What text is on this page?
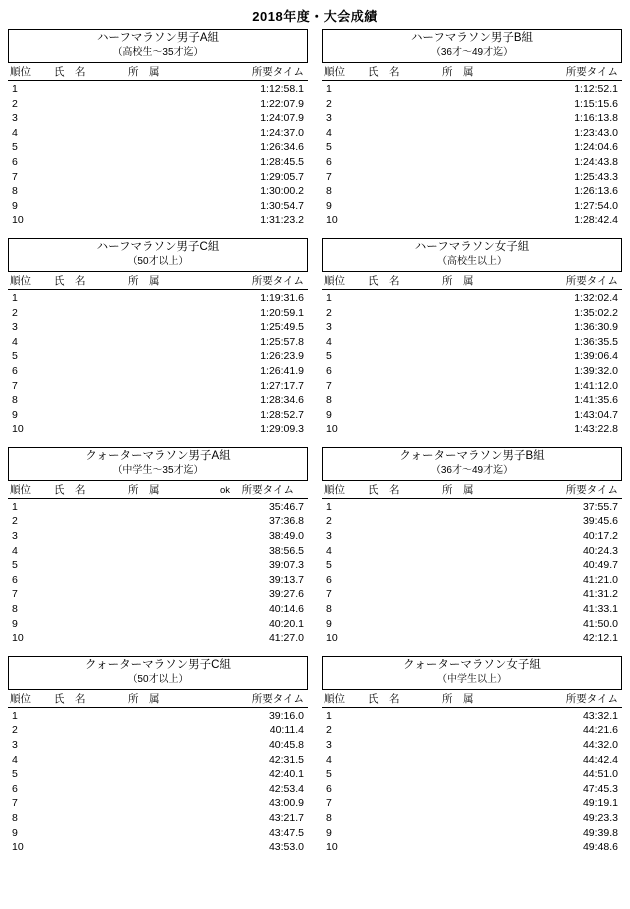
2018年度・大会成績
ハーフマラソン男子A組
（高校生〜35才迄）
順位	氏　名	所　属	所要タイム
1	1:12:58.1
2	1:22:07.9
3	1:24:07.9
4	1:24:37.0
5	1:26:34.6
6	1:28:45.5
7	1:29:05.7
8	1:30:00.2
9	1:30:54.7
10	1:31:23.2
ハーフマラソン男子B組
（36才〜49才迄）
順位	氏　名	所　属	所要タイム
1	1:12:52.1
2	1:15:15.6
3	1:16:13.8
4	1:23:43.0
5	1:24:04.6
6	1:24:43.8
7	1:25:43.3
8	1:26:13.6
9	1:27:54.0
10	1:28:42.4
ハーフマラソン男子C組
（50才以上）
順位	氏　名	所　属	所要タイム
1	1:19:31.6
2	1:20:59.1
3	1:25:49.5
4	1:25:57.8
5	1:26:23.9
6	1:26:41.9
7	1:27:17.7
8	1:28:34.6
9	1:28:52.7
10	1:29:09.3
ハーフマラソン女子組
（高校生以上）
順位	氏　名	所　属	所要タイム
1	1:32:02.4
2	1:35:02.2
3	1:36:30.9
4	1:36:35.5
5	1:39:06.4
6	1:39:32.0
7	1:41:12.0
8	1:41:35.6
9	1:43:04.7
10	1:43:22.8
クォーターマラソン男子A組
（中学生〜35才迄）
順位	氏　名	所　属	所要タイム
ok
1	35:46.7
2	37:36.8
3	38:49.0
4	38:56.5
5	39:07.3
6	39:13.7
7	39:27.6
8	40:14.6
9	40:20.1
10	41:27.0
クォーターマラソン男子B組
（36才〜49才迄）
順位	氏　名	所　属	所要タイム
1	37:55.7
2	39:45.6
3	40:17.2
4	40:24.3
5	40:49.7
6	41:21.0
7	41:31.2
8	41:33.1
9	41:50.0
10	42:12.1
クォーターマラソン男子C組
（50才以上）
順位	氏　名	所　属	所要タイム
1	39:16.0
2	40:11.4
3	40:45.8
4	42:31.5
5	42:40.1
6	42:53.4
7	43:00.9
8	43:21.7
9	43:47.5
10	43:53.0
クォーターマラソン女子組
（中学生以上）
順位	氏　名	所　属	所要タイム
1	43:32.1
2	44:21.6
3	44:32.0
4	44:42.4
5	44:51.0
6	47:45.3
7	49:19.1
8	49:23.3
9	49:39.8
10	49:48.6
